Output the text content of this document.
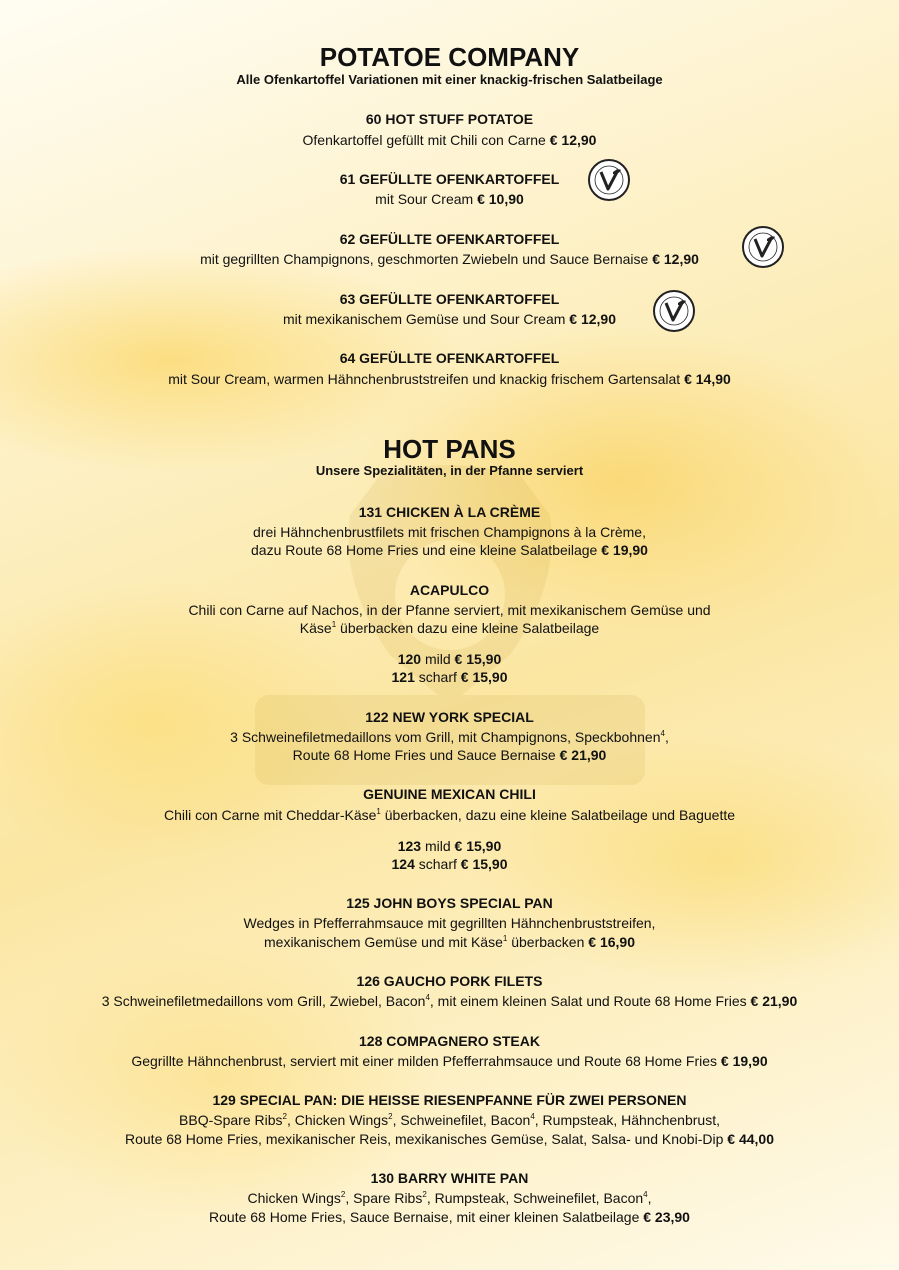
POTATOE COMPANY
Alle Ofenkartoffel Variationen mit einer knackig-frischen Salatbeilage
60 HOT STUFF POTATOE
Ofenkartoffel gefüllt mit Chili con Carne € 12,90
61 GEFÜLLTE OFENKARTOFFEL
mit Sour Cream € 10,90
62 GEFÜLLTE OFENKARTOFFEL
mit gegrillten Champignons, geschmorten Zwiebeln und Sauce Bernaise € 12,90
63 GEFÜLLTE OFENKARTOFFEL
mit mexikanischem Gemüse und Sour Cream € 12,90
64 GEFÜLLTE OFENKARTOFFEL
mit Sour Cream, warmen Hähnchenbruststreifen und knackig frischem Gartensalat € 14,90
HOT PANS
Unsere Spezialitäten, in der Pfanne serviert
131 CHICKEN À LA CRÈME
drei Hähnchenbrustfilets mit frischen Champignons à la Crème,
dazu Route 68 Home Fries und eine kleine Salatbeilage € 19,90
ACAPULCO
Chili con Carne auf Nachos, in der Pfanne serviert, mit mexikanischem Gemüse und
Käse$^1$ überbacken dazu eine kleine Salatbeilage
120 mild € 15,90
121 scharf € 15,90
122 NEW YORK SPECIAL
3 Schweinefiletmedaillons vom Grill, mit Champignons, Speckbohnen$^4$,
Route 68 Home Fries und Sauce Bernaise € 21,90
GENUINE MEXICAN CHILI
Chili con Carne mit Cheddar-Käse$^1$ überbacken, dazu eine kleine Salatbeilage und Baguette
123 mild € 15,90
124 scharf € 15,90
125 JOHN BOYS SPECIAL PAN
Wedges in Pfefferrahmsauce mit gegrillten Hähnchenbruststreifen,
mexikanischem Gemüse und mit Käse$^1$ überbacken € 16,90
126 GAUCHO PORK FILETS
3 Schweinefiletmedaillons vom Grill, Zwiebel, Bacon$^4$, mit einem kleinen Salat und Route 68 Home Fries € 21,90
128 COMPAGNERO STEAK
Gegrillte Hähnchenbrust, serviert mit einer milden Pfefferrahmsauce und Route 68 Home Fries € 19,90
129 SPECIAL PAN: DIE HEISSE RIESENPFANNE FÜR ZWEI PERSONEN
BBQ-Spare Ribs$^2$, Chicken Wings$^2$, Schweinefilet, Bacon$^4$, Rumpsteak, Hähnchenbrust,
Route 68 Home Fries, mexikanischer Reis, mexikanisches Gemüse, Salat, Salsa- und Knobi-Dip € 44,00
130 BARRY WHITE PAN
Chicken Wings$^2$, Spare Ribs$^2$, Rumpsteak, Schweinefilet, Bacon$^4$,
Route 68 Home Fries, Sauce Bernaise, mit einer kleinen Salatbeilage € 23,90
